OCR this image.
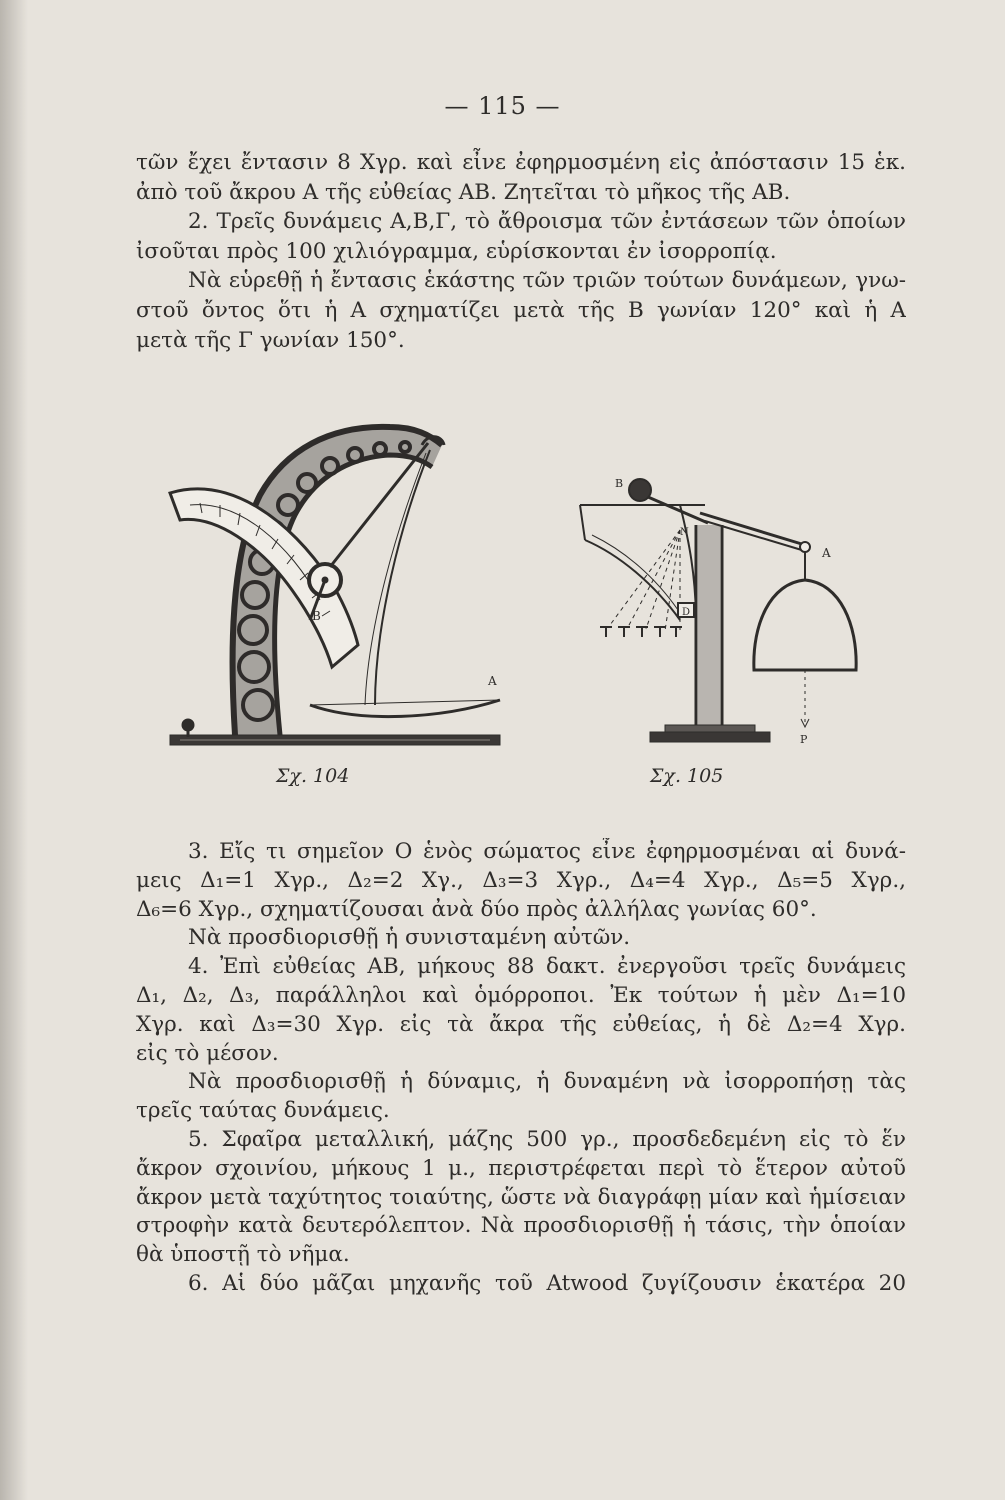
— 115 —
τῶν ἔχει ἔντασιν 8 Χγρ. καὶ εἶνε ἐφηρμοσμένη εἰς ἀπόστασιν 15 ἑκ.
ἀπὸ τοῦ ἄκρου Α τῆς εὐθείας ΑΒ. Ζητεῖται τὸ μῆκος τῆς ΑΒ.
2. Τρεῖς δυνάμεις Α,Β,Γ, τὸ ἄθροισμα τῶν ἐντάσεων τῶν ὁποίων
ἰσοῦται πρὸς 100 χιλιόγραμμα, εὑρίσκονται ἐν ἰσορροπίᾳ.
Νὰ εὑρεθῇ ἡ ἔντασις ἑκάστης τῶν τριῶν τούτων δυνάμεων, γνω-
στοῦ ὄντος ὅτι ἡ Α σχηματίζει μετὰ τῆς Β γωνίαν 120° καὶ ἡ Α
μετὰ τῆς Γ γωνίαν 150°.
B
A
B
N
A
D
P
Σχ. 104	Σχ. 105
3. Εἴς τι σημεῖον Ο ἑνὸς σώματος εἶνε ἐφηρμοσμέναι αἱ δυνά-
μεις Δ₁=1 Χγρ., Δ₂=2 Χγ., Δ₃=3 Χγρ., Δ₄=4 Χγρ., Δ₅=5 Χγρ.,
Δ₆=6 Χγρ., σχηματίζουσαι ἀνὰ δύο πρὸς ἀλλήλας γωνίας 60°.
Νὰ προσδιορισθῇ ἡ συνισταμένη αὐτῶν.
4. Ἐπὶ εὐθείας ΑΒ, μήκους 88 δακτ. ἐνεργοῦσι τρεῖς δυνάμεις
Δ₁, Δ₂, Δ₃, παράλληλοι καὶ ὁμόρροποι. Ἐκ τούτων ἡ μὲν Δ₁=10
Χγρ. καὶ Δ₃=30 Χγρ. εἰς τὰ ἄκρα τῆς εὐθείας, ἡ δὲ Δ₂=4 Χγρ.
εἰς τὸ μέσον.
Νὰ προσδιορισθῇ ἡ δύναμις, ἡ δυναμένη νὰ ἰσορροπήσῃ τὰς
τρεῖς ταύτας δυνάμεις.
5. Σφαῖρα μεταλλική, μάζης 500 γρ., προσδεδεμένη εἰς τὸ ἕν
ἄκρον σχοινίου, μήκους 1 μ., περιστρέφεται περὶ τὸ ἕτερον αὐτοῦ
ἄκρον μετὰ ταχύτητος τοιαύτης, ὥστε νὰ διαγράφῃ μίαν καὶ ἡμίσειαν
στροφὴν κατὰ δευτερόλεπτον. Νὰ προσδιορισθῇ ἡ τάσις, τὴν ὁποίαν
θὰ ὑποστῇ τὸ νῆμα.
6. Αἱ δύο μᾶζαι μηχανῆς τοῦ Atwood ζυγίζουσιν ἑκατέρα 20
